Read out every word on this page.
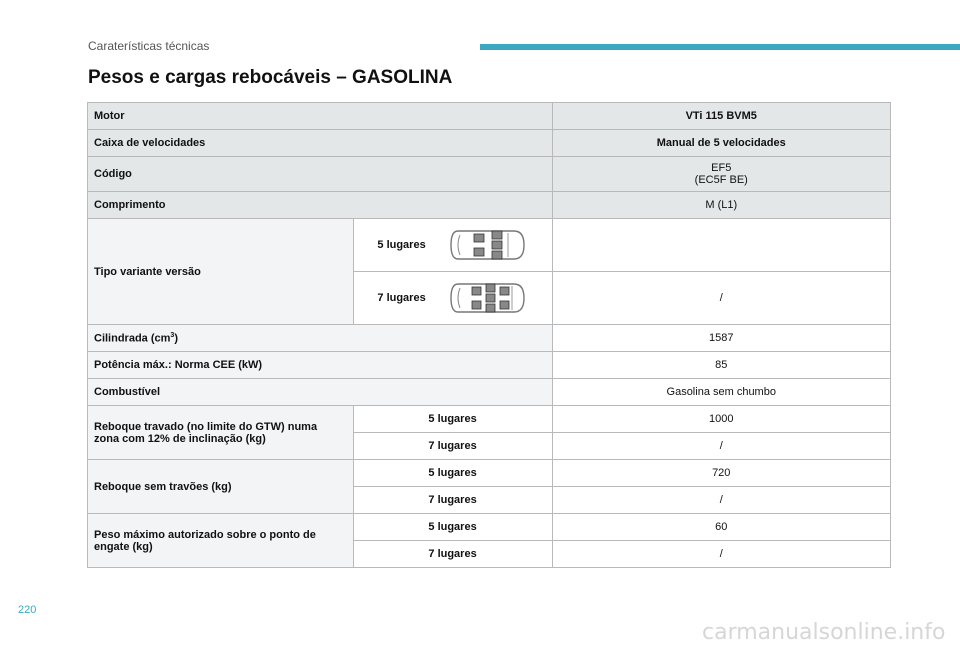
Caraterísticas técnicas
Pesos e cargas rebocáveis – GASOLINA
Motor		VTi 115 BVM5
Caixa de velocidades		Manual de 5 velocidades
Código		EF5
(EC5F BE)

Comprimento		M (L1)
Tipo variante versão	5 lugares	

	7 lugares	/
Cilindrada $(cm^3)$		1587
Potência máx.: Norma CEE (kW)		85
Combustível		Gasolina sem chumbo

Reboque travado (no limite do GTW) numa
zona com 12% de inclinação (kg)	5 lugares	1000
	7 lugares	/
Reboque sem travões (kg)	5 lugares	720
	7 lugares	/

Peso máximo autorizado sobre o ponto de
engate (kg)	5 lugares	60
	7 lugares	/
220
carmanualsonline.info
